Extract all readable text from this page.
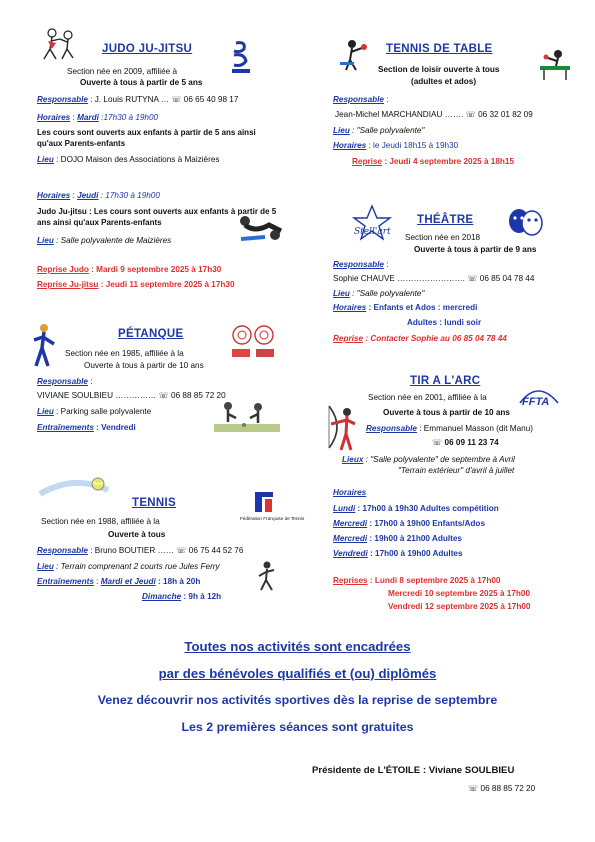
JUDO JU-JITSU
Section née en 2009, affiliée à
Ouverte à tous à partir de 5 ans
Responsable : J. Louis RUTYNA … ☏ 06 65 40 98 17
Horaires : Mardi :17h30 à 19h00
Les cours sont ouverts aux enfants à partir de 5 ans ainsi qu'aux Parents-enfants
Lieu : DOJO Maison des Associations à Maizières
Horaires : Jeudi : 17h30 à 19h00
Judo Ju-jitsu : Les cours sont ouverts aux enfants à partir de 5 ans ainsi qu'aux Parents-enfants
Lieu : Salle polyvalente de Maizières
Reprise Judo : Mardi 9 septembre 2025 à 17h30
Reprise Ju-jitsu : Jeudi 11 septembre 2025 à 17h30
TENNIS DE TABLE
Section de loisir ouverte à tous
(adultes et ados)
Responsable :
Jean-Michel MARCHANDIAU ……. ☏ 06 32 01 82 09
Lieu : "Salle polyvalente"
Horaires : le Jeudi 18h15 à 19h30
Reprise : Jeudi 4 septembre 2025 à 18h15
Stell'art
THÉÂTRE
Section née en 2018
Ouverte à tous à partir de 9 ans
Responsable :
Sophie CHAUVE ……………………. ☏ 06 85 04 78 44
Lieu : "Salle polyvalente"
Horaires : Enfants et Ados : mercredi
Adultes : lundi soir
Reprise : Contacter Sophie au 06 85 04 78 44
PÉTANQUE
Section née en 1985, affiliée à la
Ouverte à tous à partir de 10 ans
Responsable :
VIVIANE SOULBIEU …………… ☏ 06 88 85 72 20
Lieu : Parking salle polyvalente
Entraînements : Vendredi
TIR A L'ARC
Section née en 2001, affiliée à la	FFTA
Ouverte à tous à partir de 10 ans
Responsable : Emmanuel Masson (dit Manu)
☏ 06 09 11 23 74
Lieux : "Salle polyvalente" de septembre à Avril
"Terrain extérieur" d'avril à juillet
Horaires
Lundi : 17h00 à 19h30 Adultes compétition
Mercredi : 17h00 à 19h00 Enfants/Ados
Mercredi : 19h00 à 21h00 Adultes
Vendredi : 17h00 à 19h00 Adultes
Reprises : Lundi 8 septembre 2025 à 17h00
Mercredi 10 septembre 2025 à 17h00
Vendredi 12 septembre 2025 à 17h00
TENNIS
Fédération Française de Tennis
Section née en 1988, affiliée à la
Ouverte à tous
Responsable : Bruno BOUTIER …… ☏ 06 75 44 52 76
Lieu : Terrain comprenant 2 courts rue Jules Ferry
Entraînements : Mardi et Jeudi : 18h à 20h
Dimanche : 9h à 12h
Toutes nos activités sont encadrées
par des bénévoles qualifiés et (ou) diplômés
Venez découvrir nos activités sportives dès la reprise de septembre
Les 2 premières séances sont gratuites
Présidente de L'ÉTOILE : Viviane SOULBIEU
☏ 06 88 85 72 20
